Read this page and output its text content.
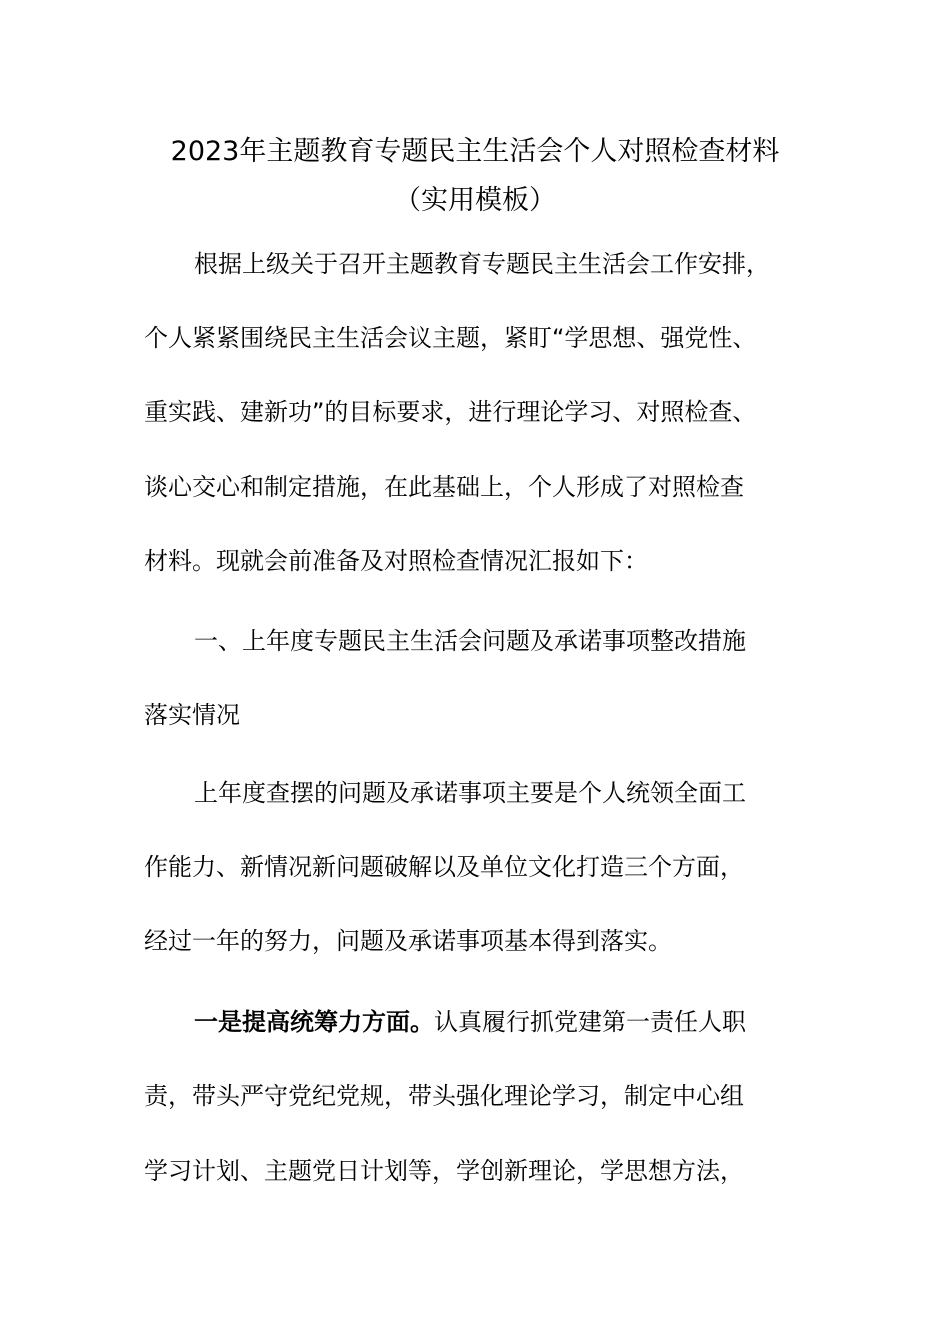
2023年主题教育专题民主生活会个人对照检查材料
（实用模板）
根据上级关于召开主题教育专题民主生活会工作安排，
个人紧紧围绕民主生活会议主题，紧盯“学思想、强党性、
重实践、建新功”的目标要求，进行理论学习、对照检查、
谈心交心和制定措施，在此基础上，个人形成了对照检查
材料。现就会前准备及对照检查情况汇报如下：
一、上年度专题民主生活会问题及承诺事项整改措施
落实情况
上年度查摆的问题及承诺事项主要是个人统领全面工
作能力、新情况新问题破解以及单位文化打造三个方面，
经过一年的努力，问题及承诺事项基本得到落实。
一是提高统筹力方面。认真履行抓党建第一责任人职
责，带头严守党纪党规，带头强化理论学习，制定中心组
学习计划、主题党日计划等，学创新理论，学思想方法，
